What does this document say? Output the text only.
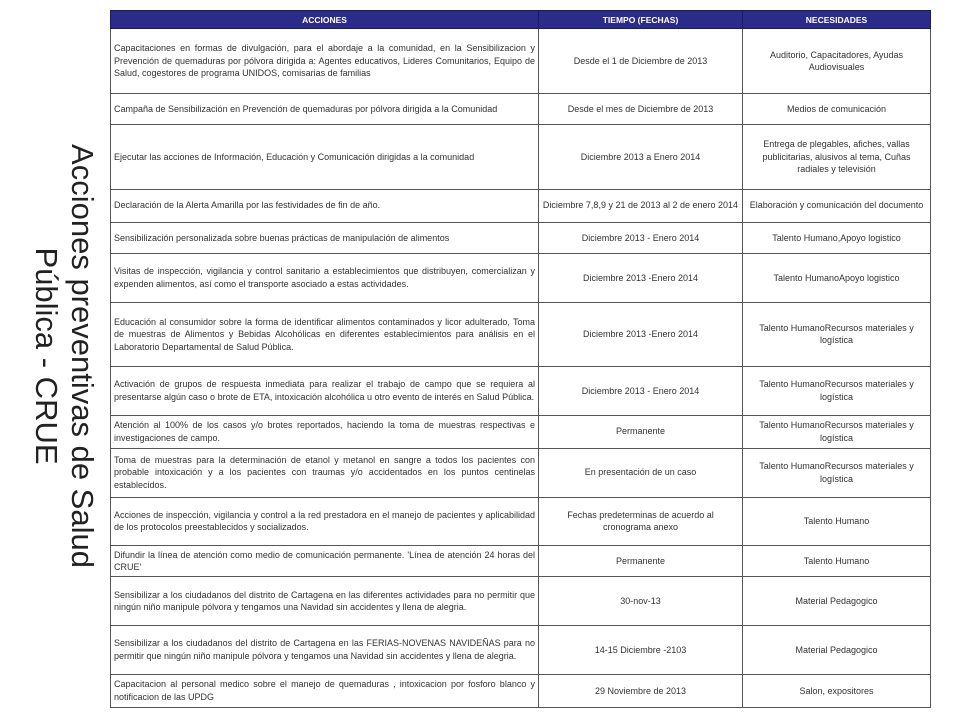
Acciones preventivas de Salud
Pública - CRUE
ACCIONES	TIEMPO (FECHAS)	NECESIDADES
Capacitaciones en formas de divulgación, para el abordaje a la comunidad, en la Sensibilizacion y Prevención de quemaduras por pólvora dirigida a: Agentes educativos, Lideres Comunitarios, Equipo de Salud, cogestores de programa UNIDOS, comisarias de familias	Desde el 1 de Diciembre de 2013	Auditorio, Capacitadores, Ayudas Audiovisuales
Campaña de Sensibilización en Prevención de quemaduras por pólvora dirigida a la Comunidad	Desde el mes de Diciembre de 2013	Medios de comunicación
Ejecutar las acciones de Información, Educación y Comunicación dirigidas a la comunidad	Diciembre 2013 a Enero 2014	Entrega de plegables, afiches, vallas publicitarias, alusivos al tema, Cuñas radiales y televisión
Declaración de la Alerta Amarilla por las festividades de fin de año.	Diciembre 7,8,9 y 21 de 2013 al 2 de enero 2014	Elaboración y comunicación del documento
Sensibilización personalizada sobre buenas prácticas de manipulación de alimentos	Diciembre 2013 - Enero 2014	Talento Humano,Apoyo logistico
Visitas de inspección, vigilancia y control sanitario a establecimientos que distribuyen, comercializan y expenden alimentos, así como el transporte asociado a estas actividades.	Diciembre 2013 -Enero 2014	Talento HumanoApoyo logistico
Educación al consumidor sobre la forma de identificar alimentos contaminados y licor adulterado, Toma de muestras de Alimentos y Bebidas Alcohólicas en diferentes establecimientos para análisis en el Laboratorio Departamental de Salud Pública.	Diciembre 2013 -Enero 2014	Talento HumanoRecursos materiales y logística
Activación de grupos de respuesta inmediata para realizar el trabajo de campo que se requiera al presentarse algún caso o brote de ETA, intoxicación alcohólica u otro evento de interés en Salud Pública.	Diciembre 2013 - Enero 2014	Talento HumanoRecursos materiales y logística
Atención al 100% de los casos y/o brotes reportados, haciendo la toma de muestras respectivas e investigaciones de campo.	Permanente	Talento HumanoRecursos materiales y logística
Toma de muestras para la determinación de etanol y metanol en sangre a todos los pacientes con probable intoxicación y a los pacientes con traumas y/o accidentados en los puntos centinelas establecidos.	En presentación de un caso	Talento HumanoRecursos materiales y logística
Acciones de inspección, vigilancia y control a la red prestadora en el manejo de pacientes y aplicabilidad de los protocolos preestablecidos y socializados.	Fechas predeterminas de acuerdo al cronograma anexo	Talento Humano
Difundir la línea de atención como medio de comunicación permanente. 'Línea de atención 24 horas del CRUE'	Permanente	Talento Humano
Sensibilizar a los ciudadanos del distrito de Cartagena en las diferentes actividades para no permitir que ningún niño manipule pólvora y tengamos una Navidad sin accidentes y llena de alegria.	30-nov-13	Material Pedagogico
Sensibilizar a los ciudadanos del distrito de Cartagena en las FERIAS-NOVENAS NAVIDEÑAS para no permitir que ningún niño manipule pólvora y tengamos una Navidad sin accidentes y llena de alegria.	14-15 Diciembre -2103	Material Pedagogico
Capacitacion al personal medico sobre el manejo de quemaduras , intoxicacion por fosforo blanco y notificacion de las UPDG	29 Noviembre de 2013	Salon, expositores
